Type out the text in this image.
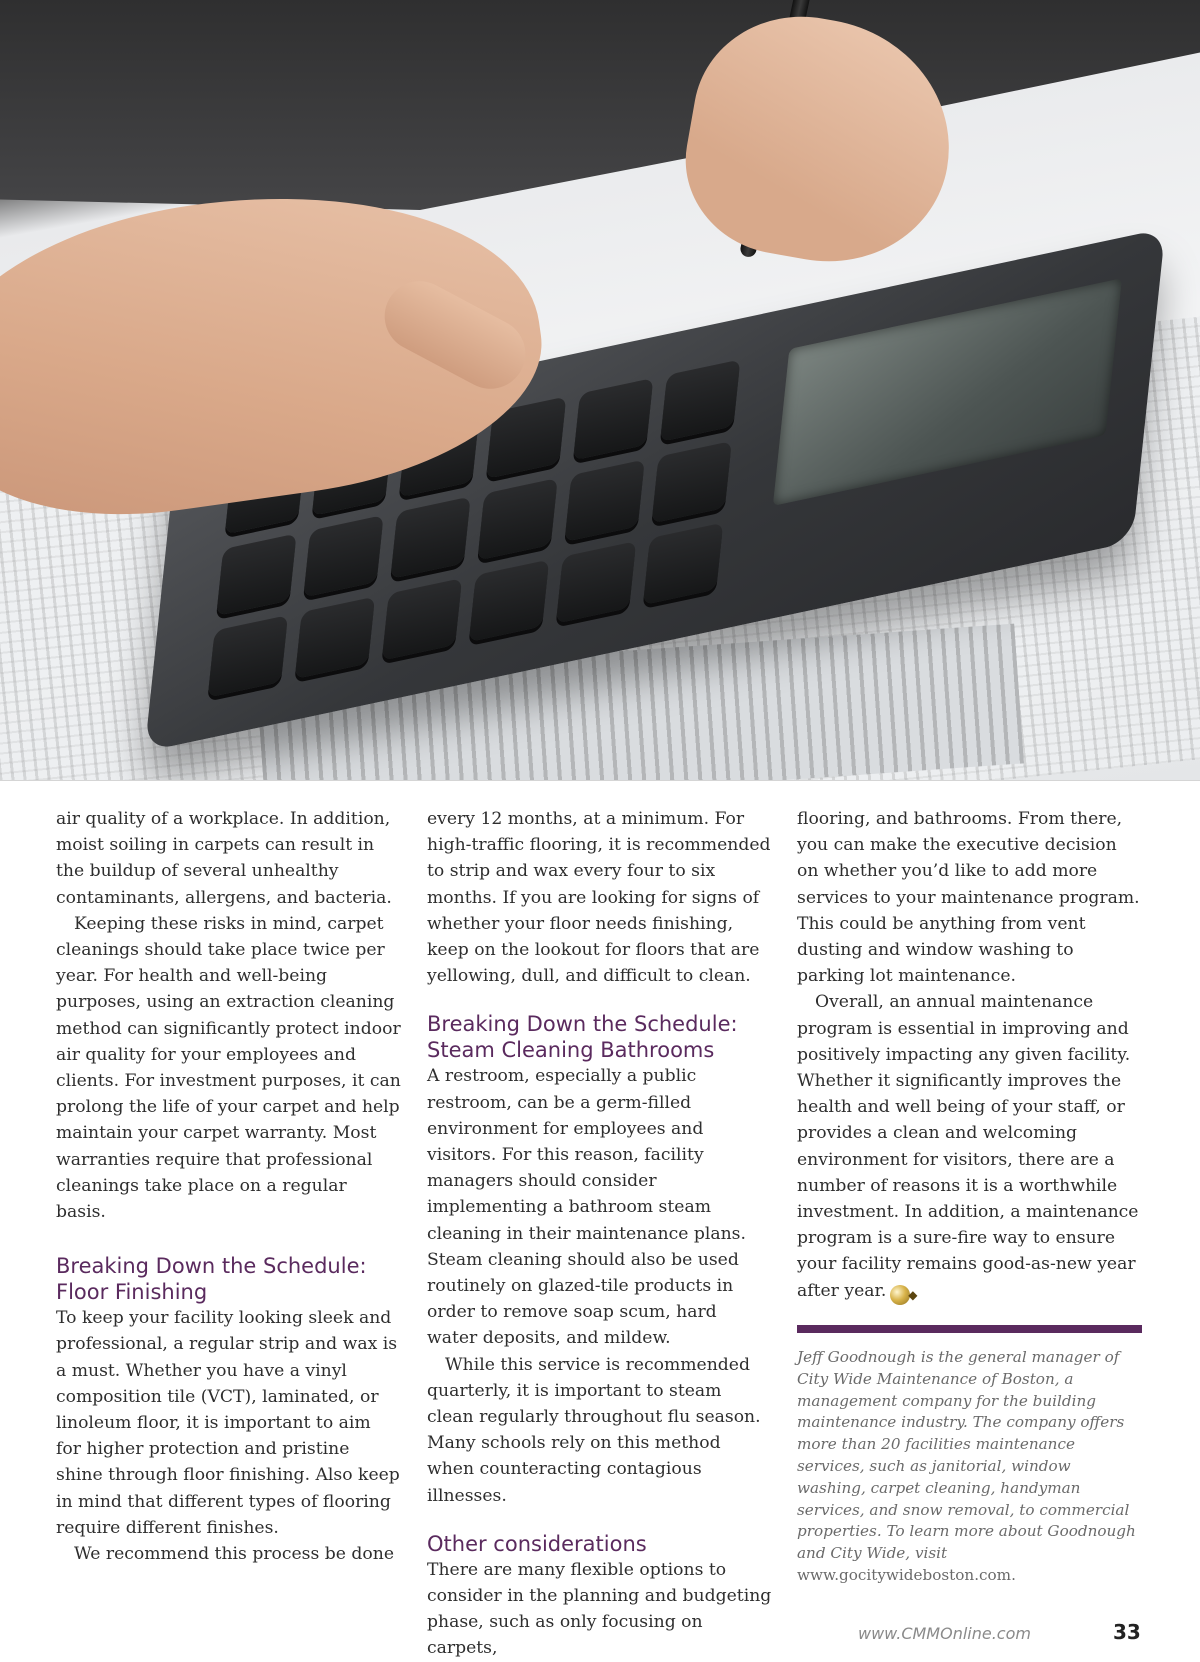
air quality of a workplace. In addition, moist soiling in carpets can result in the buildup of several unhealthy contaminants, allergens, and bacteria.

Keeping these risks in mind, carpet cleanings should take place twice per year. For health and well-being purposes, using an extraction cleaning method can significantly protect indoor air quality for your employees and clients. For investment purposes, it can prolong the life of your carpet and help maintain your carpet warranty. Most warranties require that professional cleanings take place on a regular basis.

Breaking Down the Schedule: Floor Finishing

To keep your facility looking sleek and professional, a regular strip and wax is a must. Whether you have a vinyl composition tile (VCT), laminated, or linoleum floor, it is important to aim for higher protection and pristine shine through floor finishing. Also keep in mind that different types of flooring require different finishes.

We recommend this process be done

every 12 months, at a minimum. For high-traffic flooring, it is recommended to strip and wax every four to six months. If you are looking for signs of whether your floor needs finishing, keep on the lookout for floors that are yellowing, dull, and difficult to clean.

Breaking Down the Schedule: Steam Cleaning Bathrooms

A restroom, especially a public restroom, can be a germ-filled environment for employees and visitors. For this reason, facility managers should consider implementing a bathroom steam cleaning in their maintenance plans. Steam cleaning should also be used routinely on glazed-tile products in order to remove soap scum, hard water deposits, and mildew.

While this service is recommended quarterly, it is important to steam clean regularly throughout flu season. Many schools rely on this method when counteracting contagious illnesses.

Other considerations

There are many flexible options to consider in the planning and budgeting phase, such as only focusing on carpets,

flooring, and bathrooms. From there, you can make the executive decision on whether you’d like to add more services to your maintenance program. This could be anything from vent dusting and window washing to parking lot maintenance.

Overall, an annual maintenance program is essential in improving and positively impacting any given facility. Whether it significantly improves the health and well being of your staff, or provides a clean and welcoming environment for visitors, there are a number of reasons it is a worthwhile investment. In addition, a maintenance program is a sure-fire way to ensure your facility remains good-as-new year after year. ◆

Jeff Goodnough is the general manager of City Wide Maintenance of Boston, a management company for the building maintenance industry. The company offers more than 20 facilities maintenance services, such as janitorial, window washing, carpet cleaning, handyman services, and snow removal, to commercial properties. To learn more about Goodnough and City Wide, visit www.gocitywideboston.com.
www.CMMOnline.com	33
